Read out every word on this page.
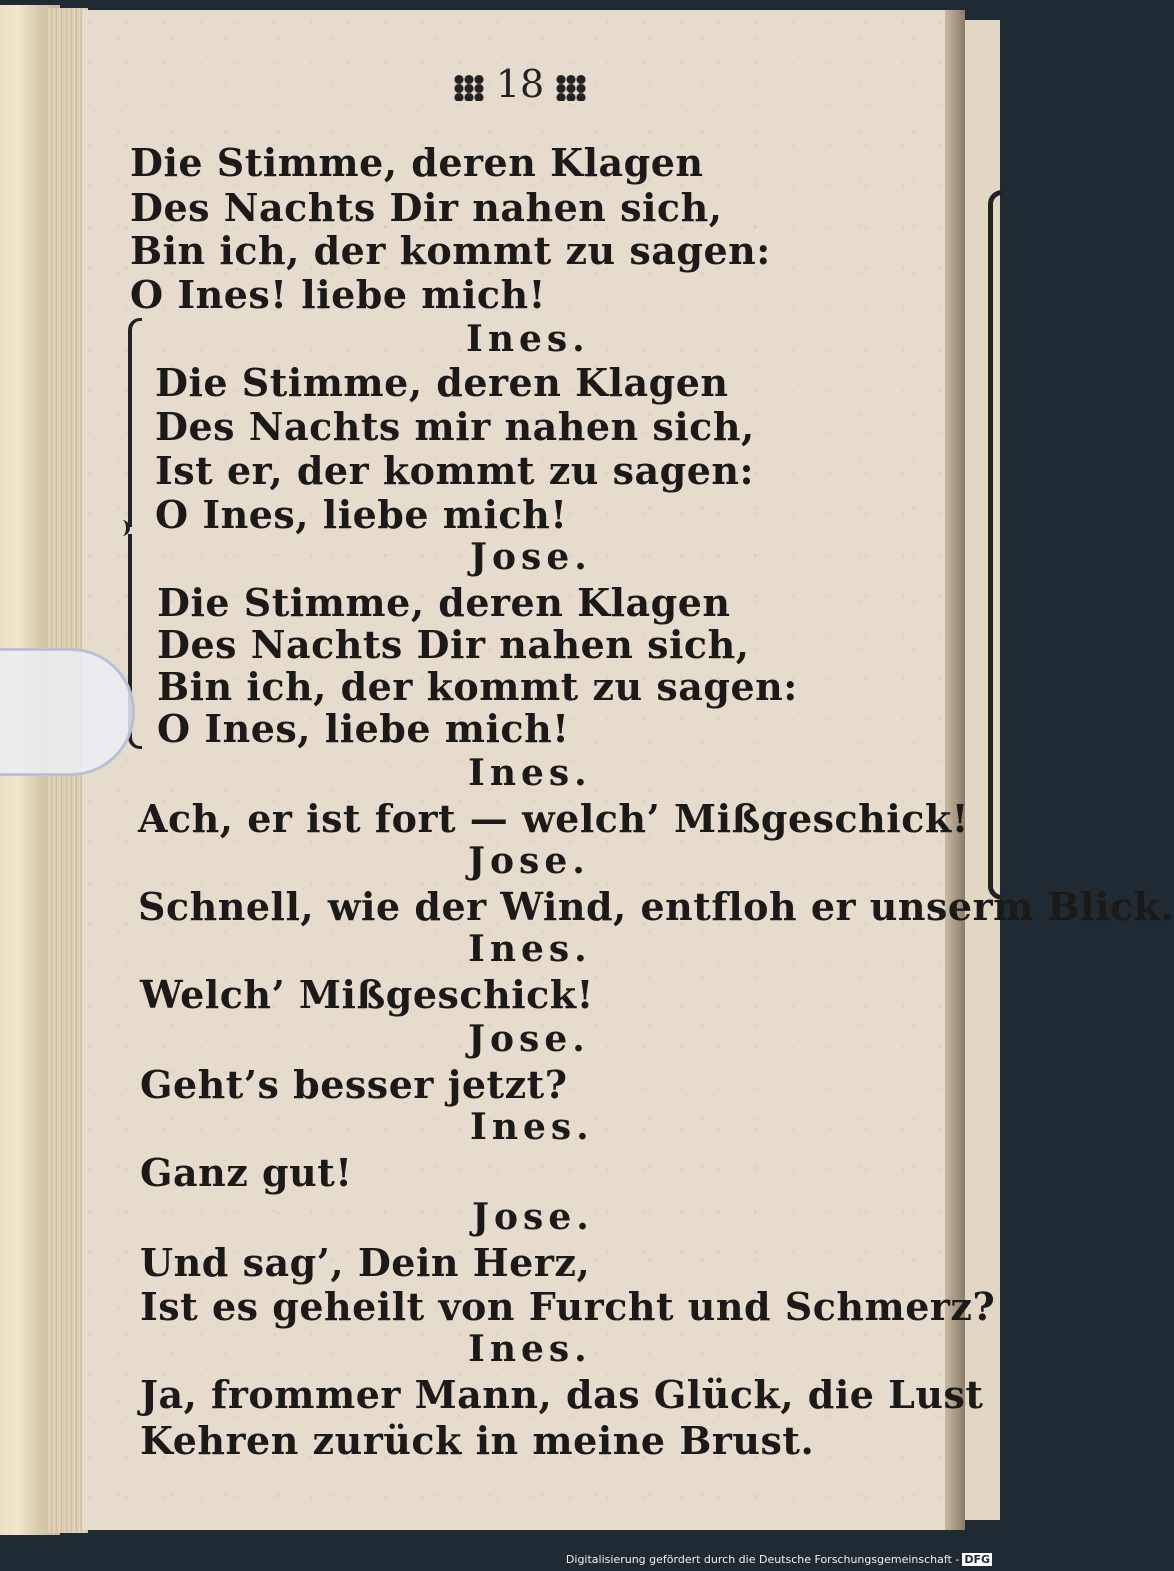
18
Die Stimme, deren Klagen
Des Nachts Dir nahen sich,
Bin ich, der kommt zu sagen:
O Ines! liebe mich!
Ines.
Die Stimme, deren Klagen
Des Nachts mir nahen sich,
Ist er, der kommt zu sagen:
O Ines, liebe mich!
Jose.
Die Stimme, deren Klagen
Des Nachts Dir nahen sich,
Bin ich, der kommt zu sagen:
O Ines, liebe mich!
Ines.
Ach, er ist fort — welch’ Mißgeschick!
Jose.
Schnell, wie der Wind, entfloh er unserm Blick.
Ines.
Welch’ Mißgeschick!
Jose.
Geht’s besser jetzt?
Ines.
Ganz gut!
Jose.
Und sag’, Dein Herz,
Ist es geheilt von Furcht und Schmerz?
Ines.
Ja, frommer Mann, das Glück, die Lust
Kehren zurück in meine Brust.
Digitalisierung gefördert durch die Deutsche Forschungsgemeinschaft - DFG
